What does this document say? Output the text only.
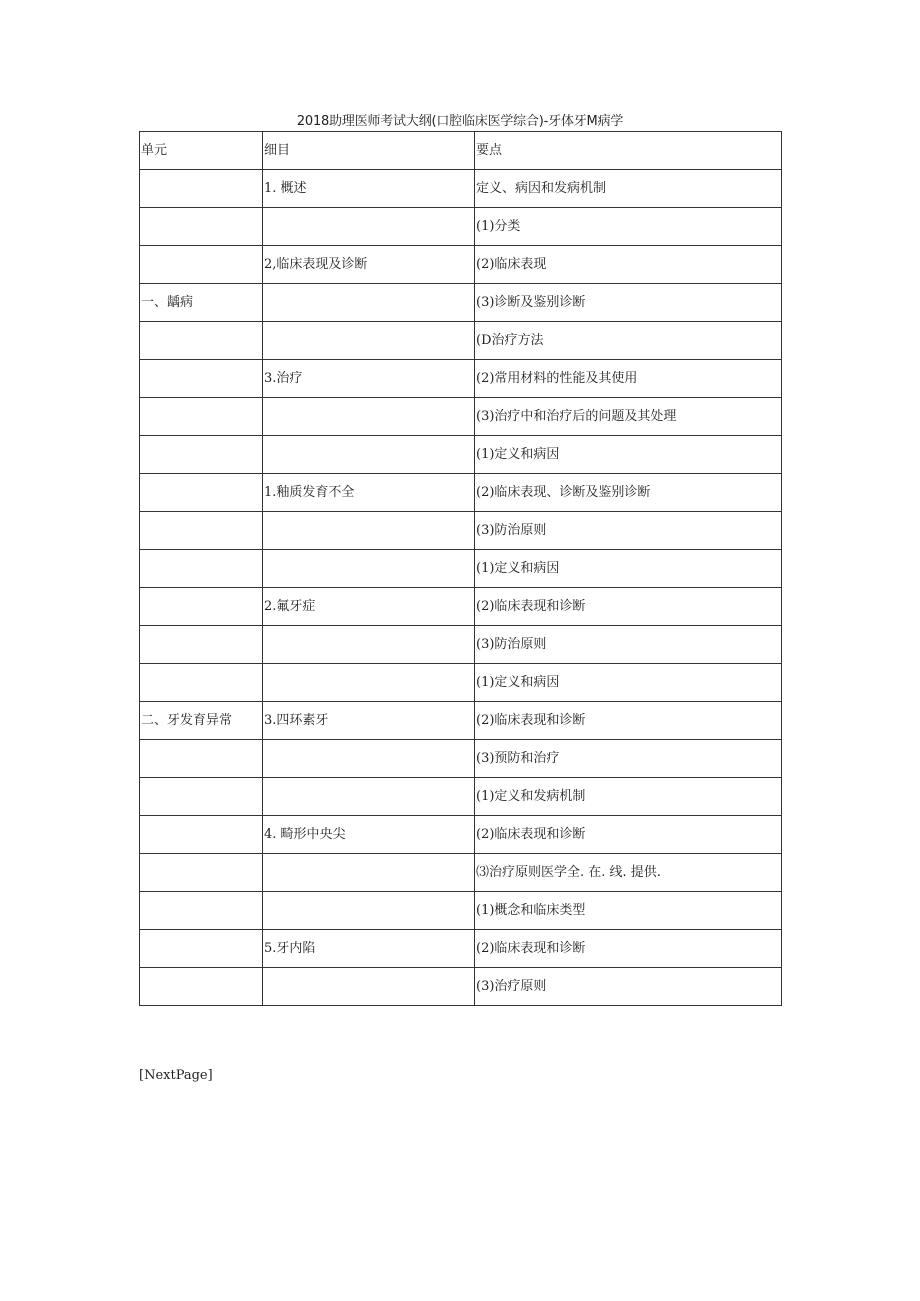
2018助理医师考试大纲(口腔临床医学综合)-牙体牙M病学
单元	细目	要点
	1. 概述	定义、病因和发病机制
		(1)分类
	2,临床表现及诊断	(2)临床表现
一、龋病		(3)诊断及鉴别诊断
		(D治疗方法
	3.治疗	(2)常用材料的性能及其使用
		(3)治疗中和治疗后的问题及其处理
		(1)定义和病因
	1.釉质发育不全	(2)临床表现、诊断及鉴别诊断
		(3)防治原则
		(1)定义和病因
	2.氟牙症	(2)临床表现和诊断
		(3)防治原则
		(1)定义和病因
二、牙发育异常	3.四环素牙	(2)临床表现和诊断
		(3)预防和治疗
		(1)定义和发病机制
	4. 畸形中央尖	(2)临床表现和诊断
		⑶治疗原则医学全. 在. 线. 提供.
		(1)概念和临床类型
	5.牙内陷	(2)临床表现和诊断
		(3)治疗原则
[NextPage]
